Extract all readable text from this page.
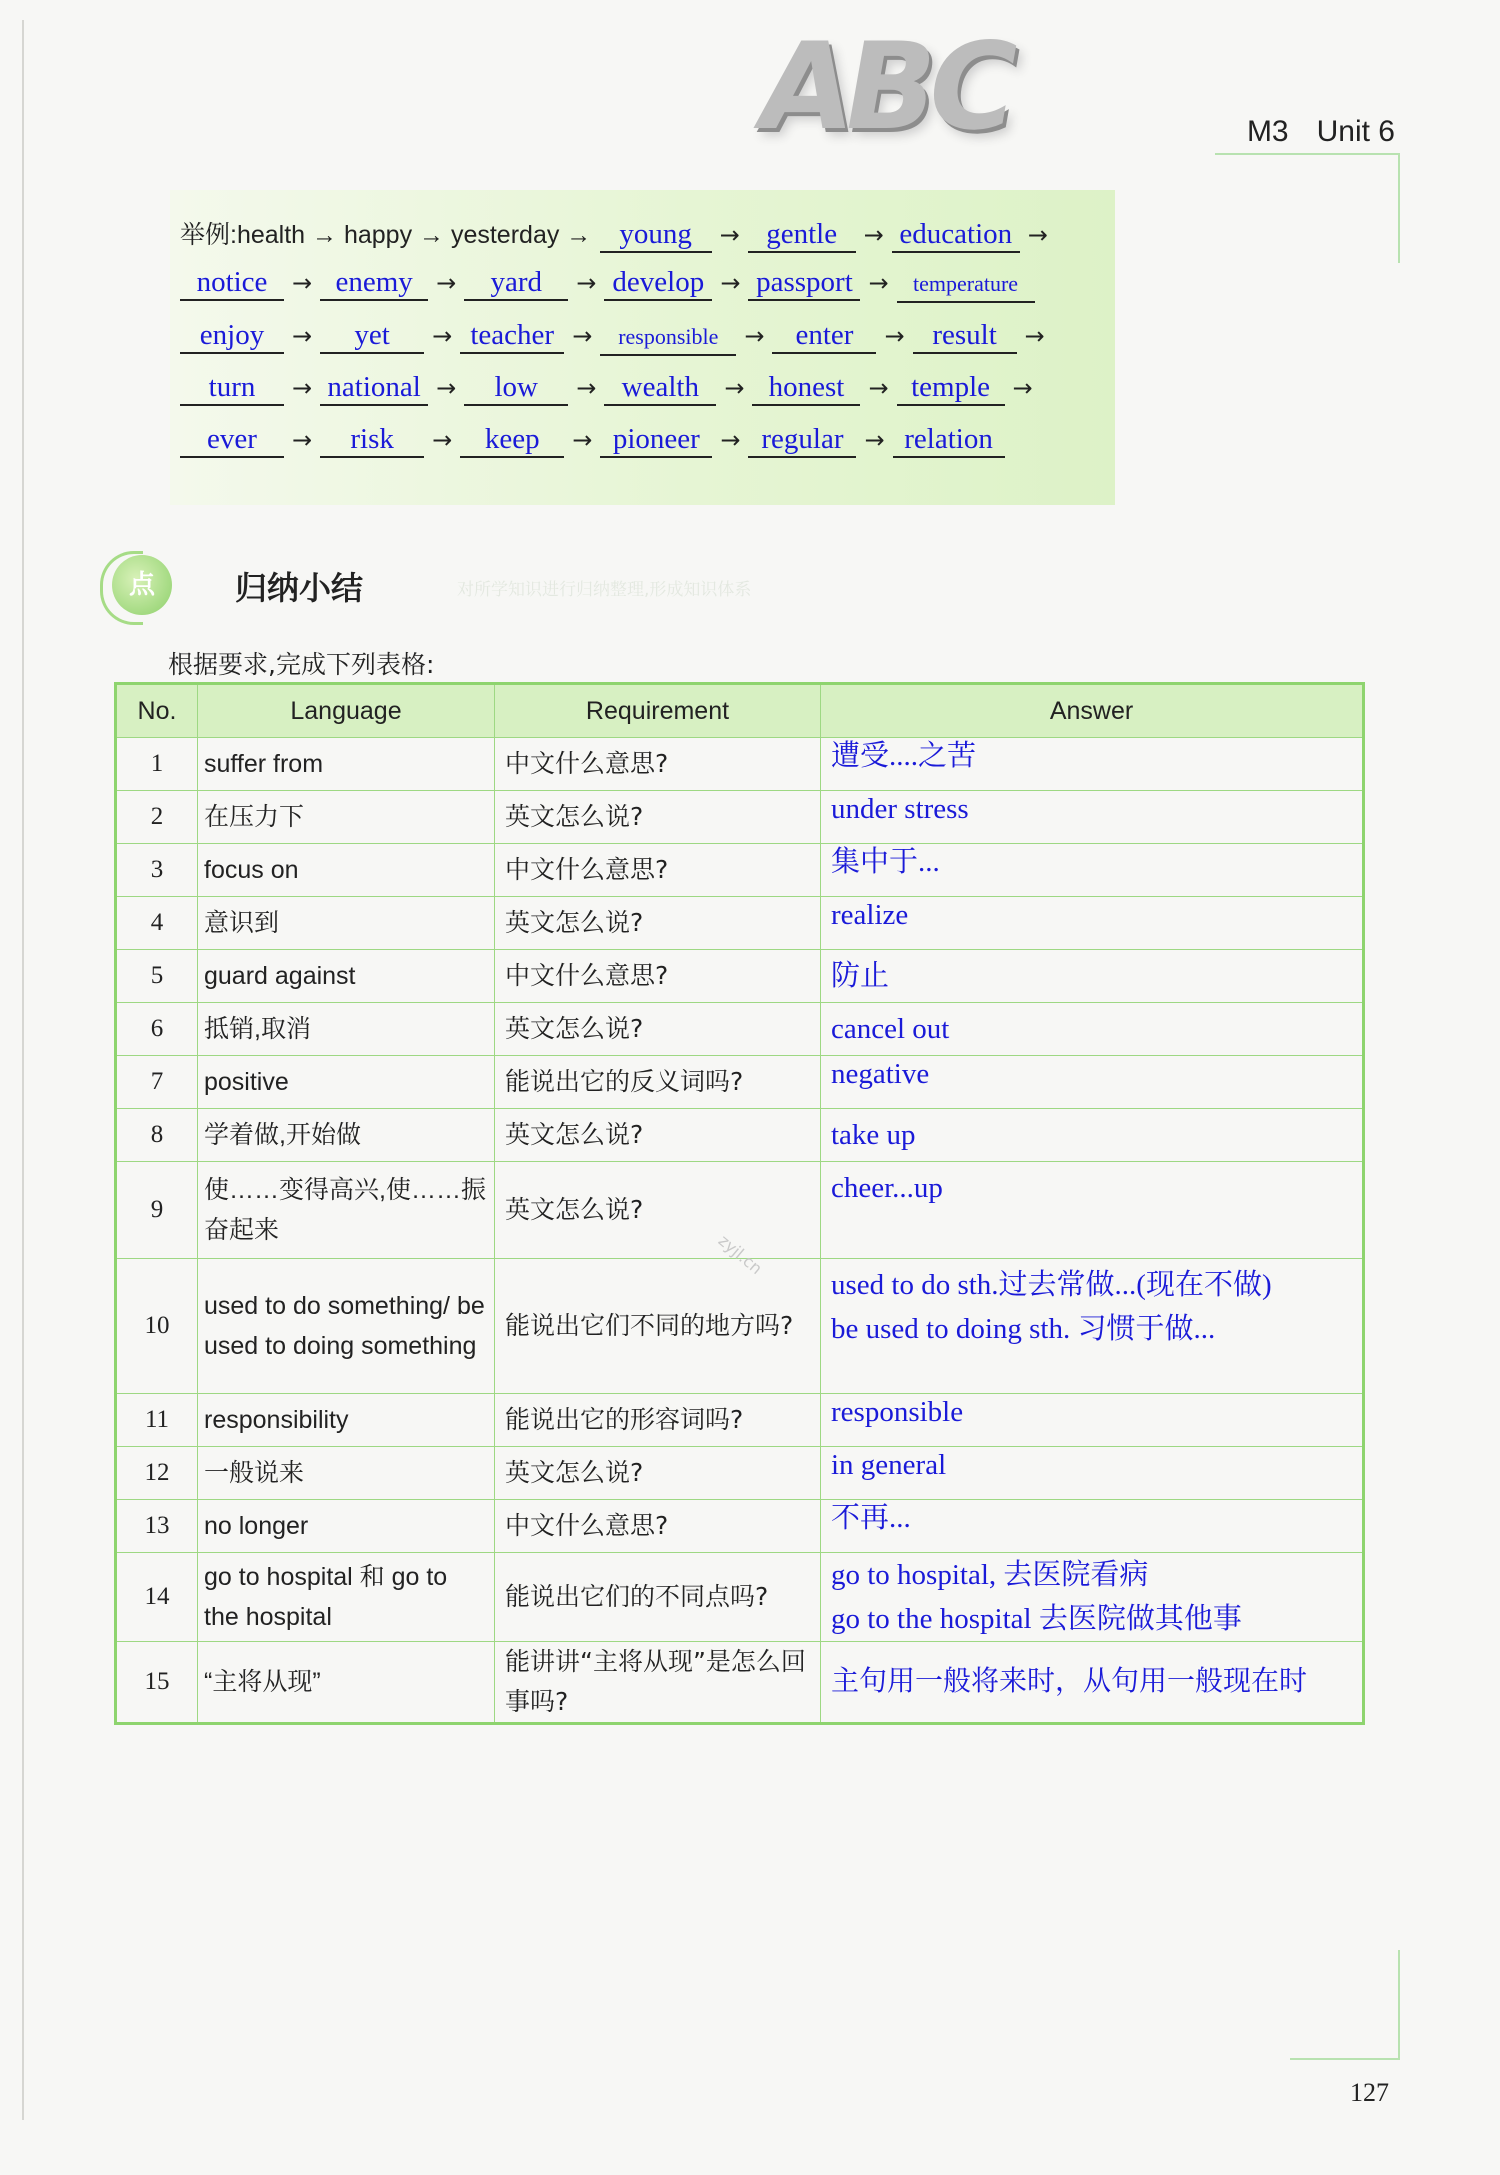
ABC	M3 Unit 6
举例:health → happy → yesterday → young → gentle → education →
notice → enemy → yard → develop → passport → temperature
enjoy → yet → teacher → responsible → enter → result →
turn → national → low → wealth → honest → temple →
ever → risk → keep → pioneer → regular → relation
点	归纳小结	对所学知识进行归纳整理,形成知识体系
根据要求,完成下列表格:
No.	Language	Requirement	Answer
1	suffer from	中文什么意思?	遭受....之苦
2	在压力下	英文怎么说?	under stress
3	focus on	中文什么意思?	集中于...
4	意识到	英文怎么说?	realize
5	guard against	中文什么意思?	防止
6	抵销,取消	英文怎么说?	cancel out
7	positive	能说出它的反义词吗?	negative
8	学着做,开始做	英文怎么说?	take up
9	使……变得高兴,使……振奋起来	英文怎么说?	cheer...up
10	used to do something/ be used to doing something	能说出它们不同的地方吗?	used to do sth.过去常做...(现在不做)
be used to doing sth. 习惯于做...

11	responsibility	能说出它的形容词吗?	responsible
12	一般说来	英文怎么说?	in general
13	no longer	中文什么意思?	不再...
14	go to hospital 和 go to the hospital	能说出它们的不同点吗?	go to hospital, 去医院看病
go to the hospital 去医院做其他事

15	“主将从现”	能讲讲“主将从现”是怎么回事吗?	主句用一般将来时，从句用一般现在时
127
zyjl.cn
